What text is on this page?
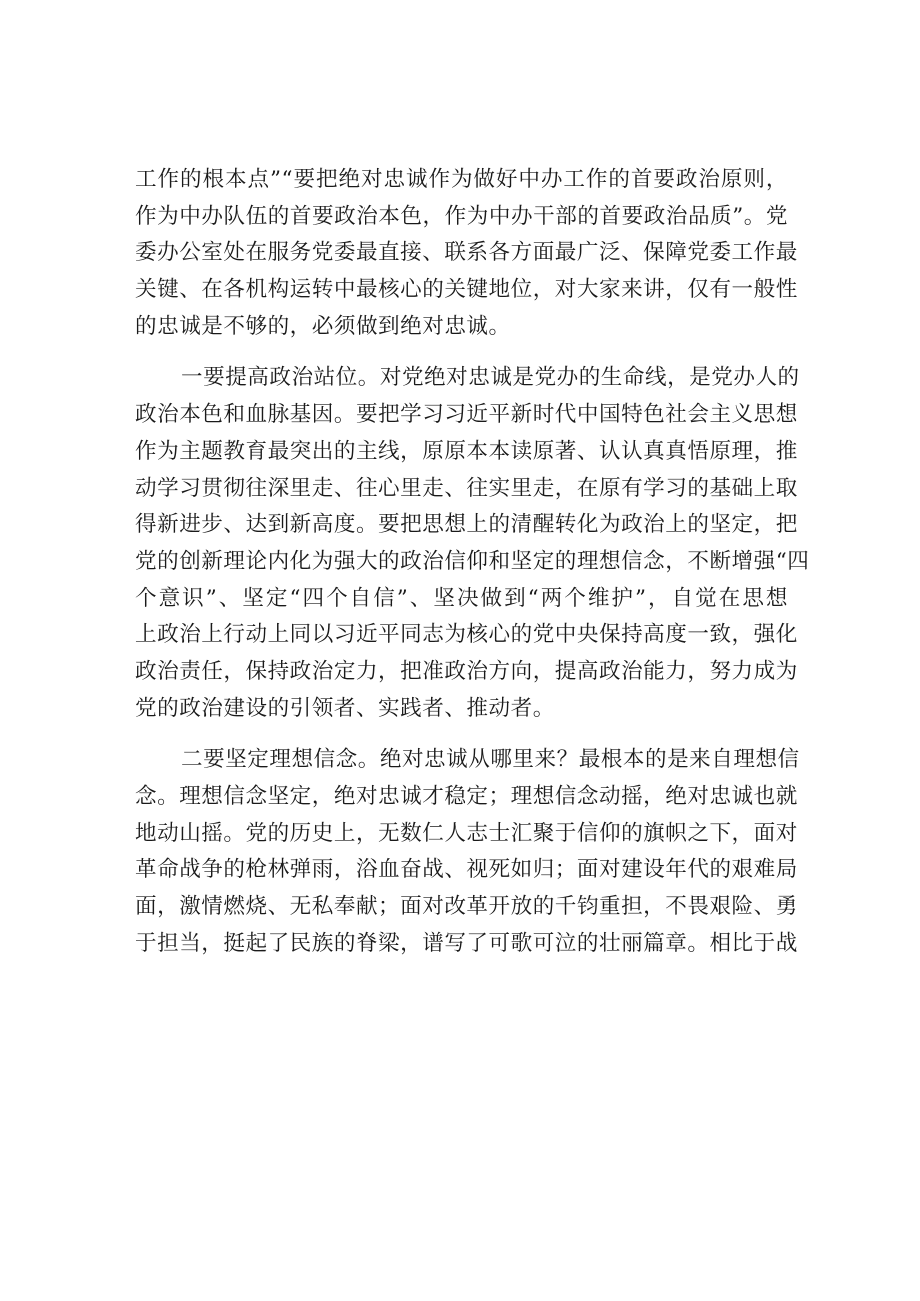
工作的根本点”“要把绝对忠诚作为做好中办工作的首要政治原则，
作为中办队伍的首要政治本色，作为中办干部的首要政治品质”。党
委办公室处在服务党委最直接、联系各方面最广泛、保障党委工作最
关键、在各机构运转中最核心的关键地位，对大家来讲，仅有一般性
的忠诚是不够的，必须做到绝对忠诚。
一要提高政治站位。对党绝对忠诚是党办的生命线，是党办人的
政治本色和血脉基因。要把学习习近平新时代中国特色社会主义思想
作为主题教育最突出的主线，原原本本读原著、认认真真悟原理，推
动学习贯彻往深里走、往心里走、往实里走，在原有学习的基础上取
得新进步、达到新高度。要把思想上的清醒转化为政治上的坚定，把
党的创新理论内化为强大的政治信仰和坚定的理想信念，不断增强“四
个意识”、坚定“四个自信”、坚决做到“两个维护”，自觉在思想
上政治上行动上同以习近平同志为核心的党中央保持高度一致，强化
政治责任，保持政治定力，把准政治方向，提高政治能力，努力成为
党的政治建设的引领者、实践者、推动者。
二要坚定理想信念。绝对忠诚从哪里来？最根本的是来自理想信
念。理想信念坚定，绝对忠诚才稳定；理想信念动摇，绝对忠诚也就
地动山摇。党的历史上，无数仁人志士汇聚于信仰的旗帜之下，面对
革命战争的枪林弹雨，浴血奋战、视死如归；面对建设年代的艰难局
面，激情燃烧、无私奉献；面对改革开放的千钧重担，不畏艰险、勇
于担当，挺起了民族的脊梁，谱写了可歌可泣的壮丽篇章。相比于战
